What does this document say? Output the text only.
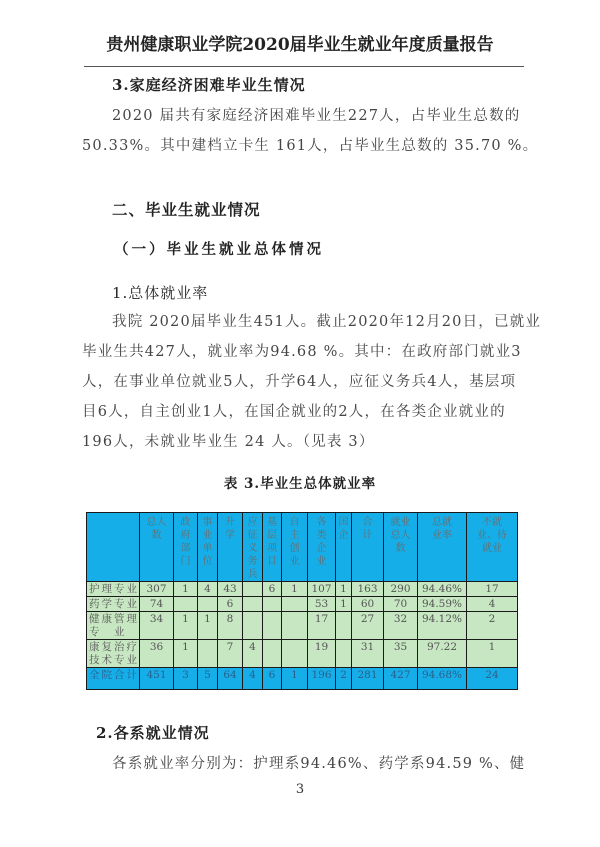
贵州健康职业学院2020届毕业生就业年度质量报告
3.家庭经济困难毕业生情况
2020 届共有家庭经济困难毕业生227人，占毕业生总数的
50.33%。其中建档立卡生 161人，占毕业生总数的 35.70 %。
二、毕业生就业情况
（一）毕业生就业总体情况
1.总体就业率
我院 2020届毕业生451人。截止2020年12月20日，已就业
毕业生共427人，就业率为94.68 %。其中：在政府部门就业3
人，在事业单位就业5人，升学64人，应征义务兵4人，基层项
目6人，自主创业1人，在国企就业的2人，在各类企业就业的
196人，未就业毕业生 24 人。（见表 3）
表 3.毕业生总体就业率
	总人数	政府部门	事业单位	升学	应征义务兵	基层项目	自主创业	各类企业	国企	合计	就业总人数	总就业率	不就业、待就业
护理专业	307	1	4	43		6	1	107	1	163	290	94.46%	17
药学专业	74			6				53	1	60	70	94.59%	4
健康管理专　业	34	1	1	8				17		27	32	94.12%	2
康复治疗技术专业	36	1		7	4			19		31	35	97.22	1
全院合计	451	3	5	64	4	6	1	196	2	281	427	94.68%	24
2.各系就业情况
各系就业率分别为：护理系94.46%、药学系94.59 %、健
3
